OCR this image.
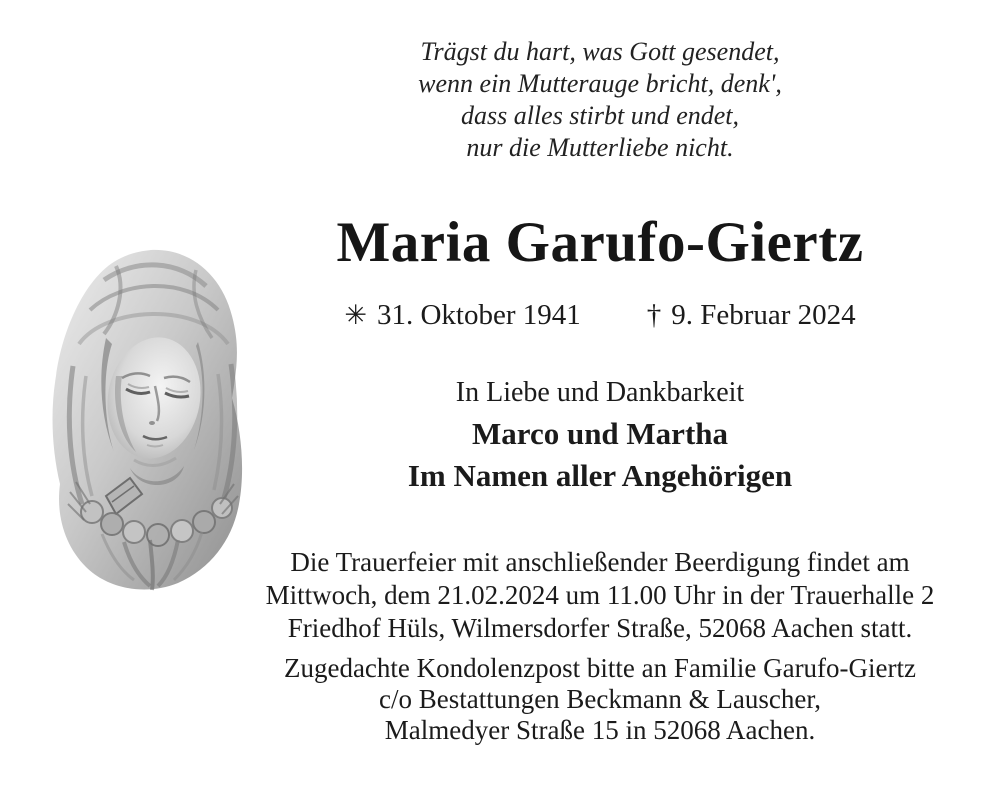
Trägst du hart, was Gott gesendet,
wenn ein Mutterauge bricht, denk',
dass alles stirbt und endet,
nur die Mutterliebe nicht.
Maria Garufo-Giertz
✳ 31. Oktober 1941 † 9. Februar 2024
In Liebe und Dankbarkeit
Marco und Martha
Im Namen aller Angehörigen
Die Trauerfeier mit anschließender Beerdigung findet am
Mittwoch, dem 21.02.2024 um 11.00 Uhr in der Trauerhalle 2
Friedhof Hüls, Wilmersdorfer Straße, 52068 Aachen statt.
Zugedachte Kondolenzpost bitte an Familie Garufo-Giertz
c/o Bestattungen Beckmann & Lauscher,
Malmedyer Straße 15 in 52068 Aachen.
